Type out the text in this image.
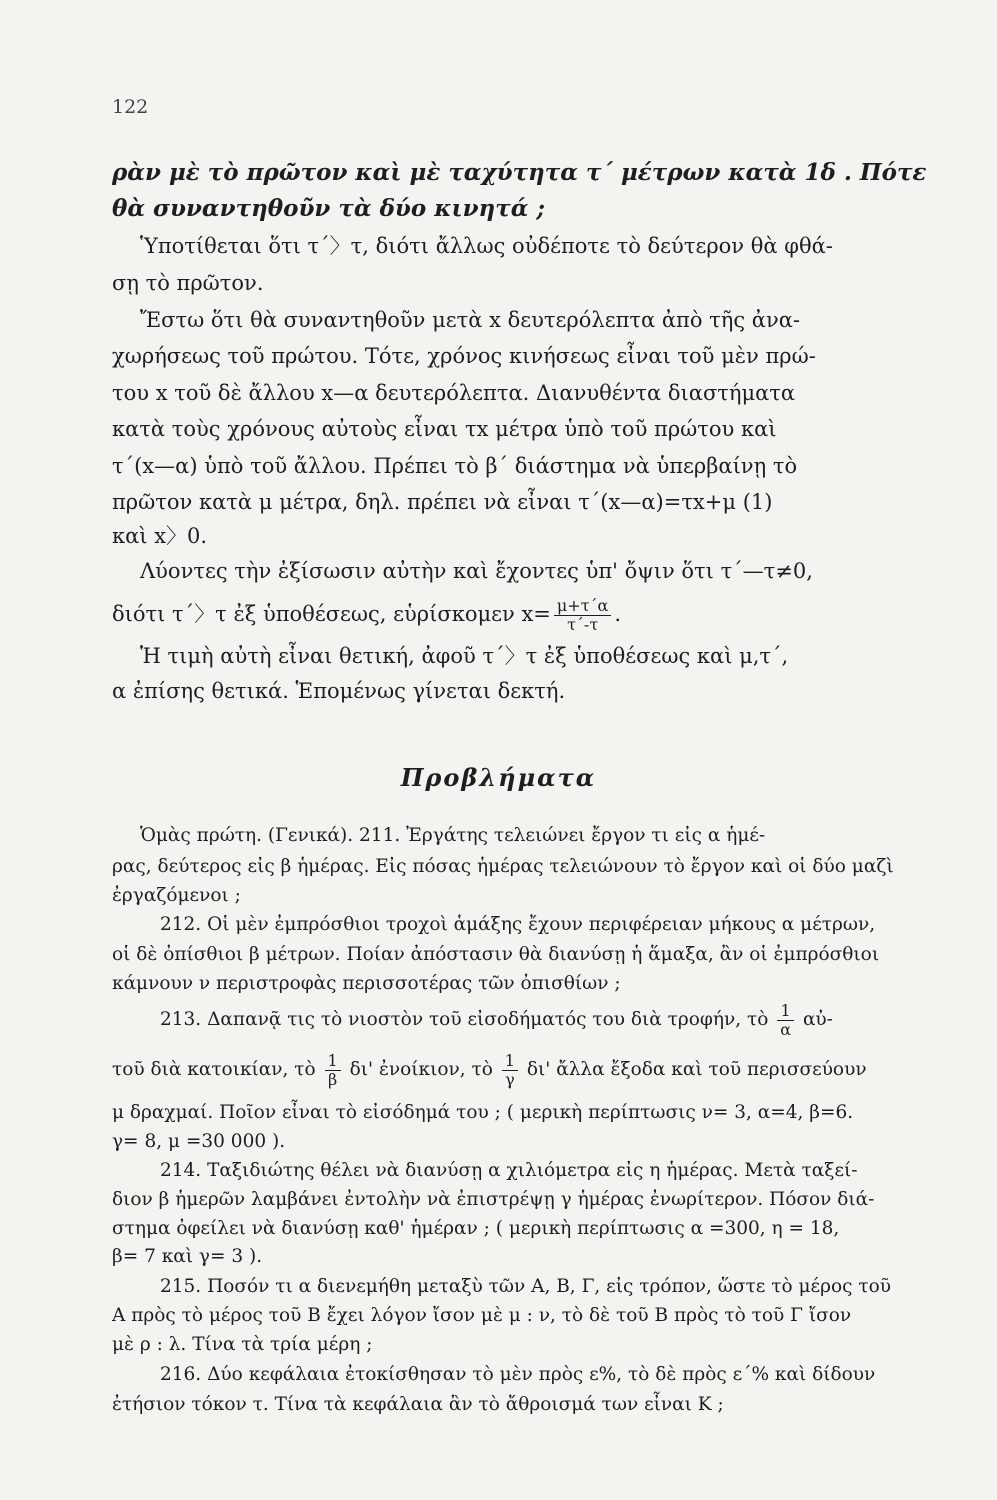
122
ρὰν μὲ τὸ πρῶτον καὶ μὲ ταχύτητα τ΄ μέτρων κατὰ 1δ . Πότε
θὰ συναντηθοῦν τὰ δύο κινητά ;
Ὑποτίθεται ὅτι τ΄〉τ, διότι ἄλλως οὐδέποτε τὸ δεύτερον θὰ φθά-
σῃ τὸ πρῶτον.
Ἔστω ὅτι θὰ συναντηθοῦν μετὰ x δευτερόλεπτα ἀπὸ τῆς ἀνα-
χωρήσεως τοῦ πρώτου. Τότε, χρόνος κινήσεως εἶναι τοῦ μὲν πρώ-
του x τοῦ δὲ ἄλλου x—α δευτερόλεπτα. Διανυθέντα διαστήματα
κατὰ τοὺς χρόνους αὐτοὺς εἶναι τx μέτρα ὑπὸ τοῦ πρώτου καὶ
τ΄(x—α) ὑπὸ τοῦ ἄλλου. Πρέπει τὸ β΄ διάστημα νὰ ὑπερβαίνῃ τὸ
πρῶτον κατὰ μ μέτρα, δηλ. πρέπει νὰ εἶναι τ΄(x—α)=τx+μ (1)
καὶ x〉0.
Λύοντες τὴν ἐξίσωσιν αὐτὴν καὶ ἔχοντες ὑπ' ὄψιν ὅτι τ΄—τ≠0,
διότι τ΄〉τ ἐξ ὑποθέσεως, εὑρίσκομεν $x= \frac{\mu+\tau΄\alpha}{\tau΄-\tau}$ .
Ἡ τιμὴ αὐτὴ εἶναι θετική, ἀφοῦ τ΄〉τ ἐξ ὑποθέσεως καὶ μ,τ΄,
α ἐπίσης θετικά. Ἑπομένως γίνεται δεκτή.
Προβλήματα
Ὁμὰς πρώτη. (Γενικά). 211. Ἐργάτης τελειώνει ἔργον τι εἰς α ἡμέ-
ρας, δεύτερος εἰς β ἡμέρας. Εἰς πόσας ἡμέρας τελειώνουν τὸ ἔργον καὶ οἱ δύο μαζὶ
ἐργαζόμενοι ;
212. Οἱ μὲν ἐμπρόσθιοι τροχοὶ ἁμάξης ἔχουν περιφέρειαν μήκους α μέτρων,
οἱ δὲ ὀπίσθιοι β μέτρων. Ποίαν ἀπόστασιν θὰ διανύσῃ ἡ ἅμαξα, ἂν οἱ ἐμπρόσθιοι
κάμνουν ν περιστροφὰς περισσοτέρας τῶν ὀπισθίων ;
213. Δαπανᾷ τις τὸ νιοστὸν τοῦ εἰσοδήματός του διὰ τροφήν, τὸ $\frac{1}{\alpha}$ αὐ-
τοῦ διὰ κατοικίαν, τὸ $\frac{1}{\beta} \delta\iota'$ ἐνοίκιον, τὸ $\frac{1}{\gamma} \delta\iota'$ ἄλλα ἔξοδα καὶ τοῦ περισσεύουν
μ δραχμαί. Ποῖον εἶναι τὸ εἰσόδημά του ; ( μερικὴ περίπτωσις ν= 3, α=4, β=6.
γ= 8, μ =30 000 ).
214. Ταξιδιώτης θέλει νὰ διανύσῃ α χιλιόμετρα εἰς η ἡμέρας. Μετὰ ταξεί-
διον β ἡμερῶν λαμβάνει ἐντολὴν νὰ ἐπιστρέψῃ γ ἡμέρας ἐνωρίτερον. Πόσον διά-
στημα ὀφείλει νὰ διανύσῃ καθ' ἡμέραν ; ( μερικὴ περίπτωσις α =300, η = 18,
β= 7 καὶ γ= 3 ).
215. Ποσόν τι α διενεμήθη μεταξὺ τῶν Α, Β, Γ, εἰς τρόπον, ὥστε τὸ μέρος τοῦ
Α πρὸς τὸ μέρος τοῦ Β ἔχει λόγον ἴσον μὲ μ : ν, τὸ δὲ τοῦ Β πρὸς τὸ τοῦ Γ ἴσον
μὲ ρ : λ. Τίνα τὰ τρία μέρη ;
216. Δύο κεφάλαια ἐτοκίσθησαν τὸ μὲν πρὸς ε%, τὸ δὲ πρὸς ε΄% καὶ δίδουν
ἐτήσιον τόκον τ. Τίνα τὰ κεφάλαια ἂν τὸ ἄθροισμά των εἶναι Κ ;
